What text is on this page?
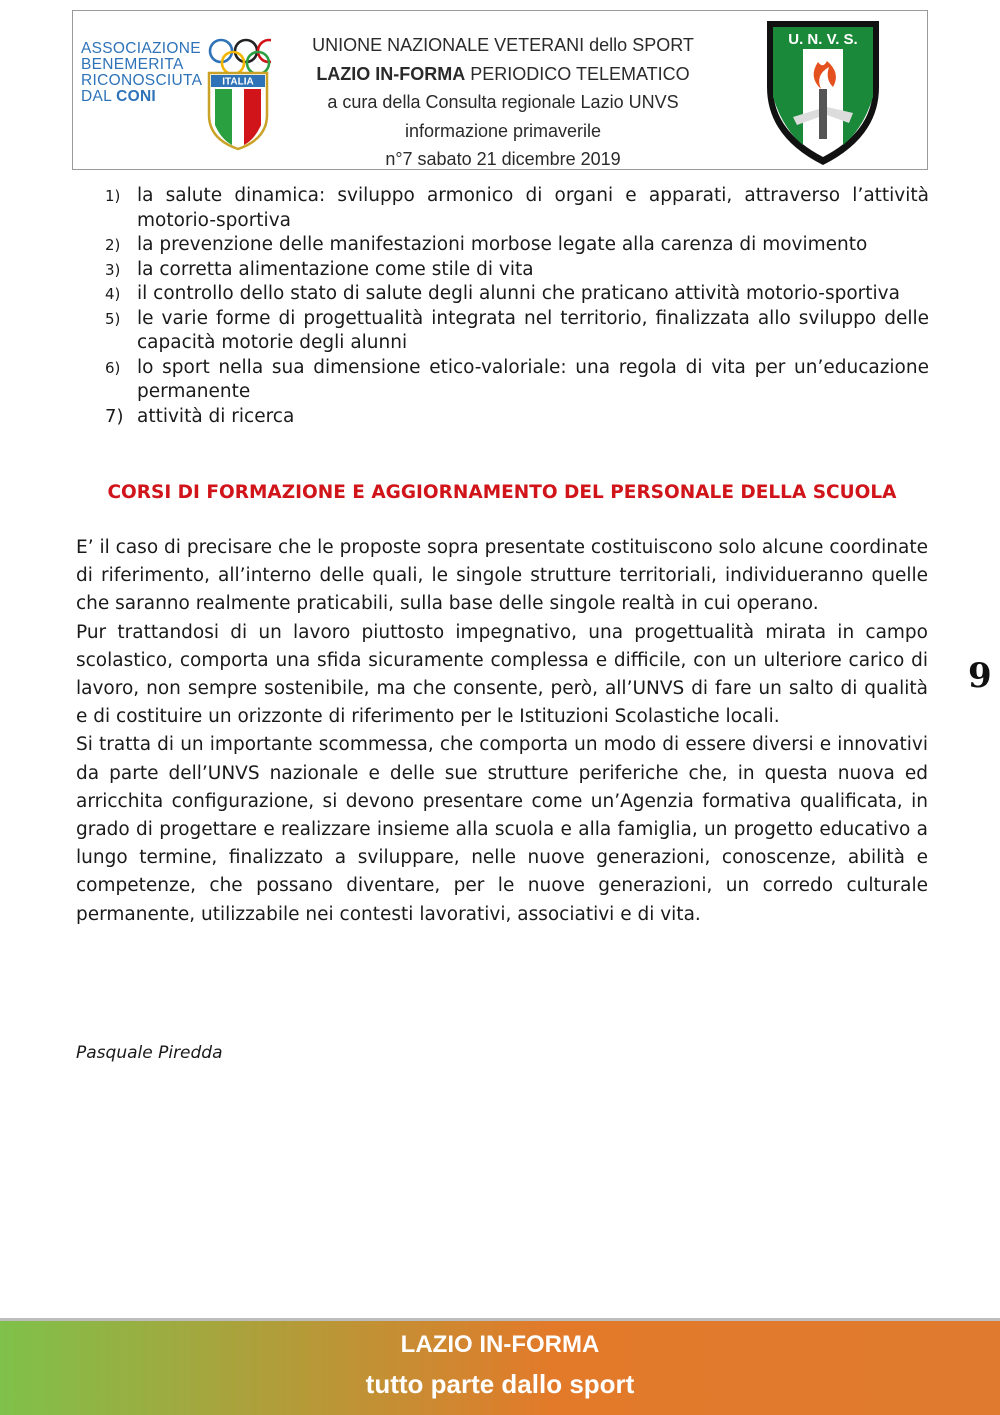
ASSOCIAZIONE
BENEMERITA
RICONOSCIUTA
DAL CONI
ITALIA
UNIONE NAZIONALE VETERANI dello SPORT
LAZIO IN-FORMA PERIODICO TELEMATICO
a cura della Consulta regionale Lazio UNVS
informazione primaverile
n°7 sabato 21 dicembre 2019
U. N. V. S.
1) la salute dinamica: sviluppo armonico di organi e apparati, attraverso l’attività motorio-sportiva
2) la prevenzione delle manifestazioni morbose legate alla carenza di movimento
3) la corretta alimentazione come stile di vita
4) il controllo dello stato di salute degli alunni che praticano attività motorio-sportiva
5) le varie forme di progettualità integrata nel territorio, finalizzata allo sviluppo delle capacità motorie degli alunni
6) lo sport nella sua dimensione etico-valoriale: una regola di vita per un’educazione permanente
7) attività di ricerca
CORSI DI FORMAZIONE E AGGIORNAMENTO DEL PERSONALE DELLA SCUOLA

E’ il caso di precisare che le proposte sopra presentate costituiscono solo alcune coordinate di riferimento, all’interno delle quali, le singole strutture territoriali, individueranno quelle che saranno realmente praticabili, sulla base delle singole realtà in cui operano.

Pur trattandosi di un lavoro piuttosto impegnativo, una progettualità mirata in campo scolastico, comporta una sfida sicuramente complessa e difficile, con un ulteriore carico di lavoro, non sempre sostenibile, ma che consente, però, all’UNVS di fare un salto di qualità e di costituire un orizzonte di riferimento per le Istituzioni Scolastiche locali.

Si tratta di un importante scommessa, che comporta un modo di essere diversi e innovativi da parte dell’UNVS nazionale e delle sue strutture periferiche che, in questa nuova ed arricchita configurazione, si devono presentare come un’Agenzia formativa qualificata, in grado di progettare e realizzare insieme alla scuola e alla famiglia, un progetto educativo a lungo termine, finalizzato a sviluppare, nelle nuove generazioni, conoscenze, abilità e competenze, che possano diventare, per le nuove generazioni, un corredo culturale permanente, utilizzabile nei contesti lavorativi, associativi e di vita.

Pasquale Piredda
9
LAZIO IN-FORMA
tutto parte dallo sport
